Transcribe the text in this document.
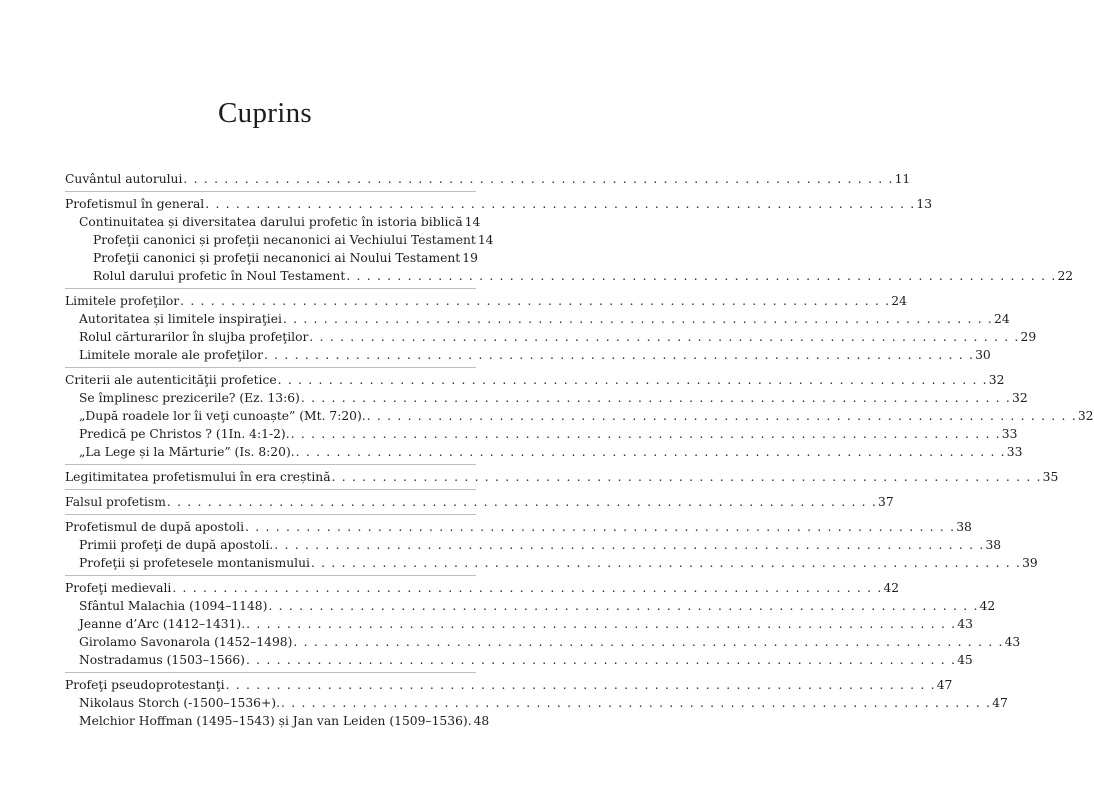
Cuprins
Cuvântul autorului . . . . . . . . . . . . . . . . . . . . . . . . . . . . . . . . . . . . . . . . . . . . . . . . . . . . . . . . . . . . . . . . . . . . . . 11
Profetismul în general . . . . . . . . . . . . . . . . . . . . . . . . . . . . . . . . . . . . . . . . . . . . . . . . . . . . . . . . . . . . . . . . . . . . . . 13
Continuitatea și diversitatea darului profetic în istoria biblică 14
Profeţii canonici și profeţii necanonici ai Vechiului Testament 14
Profeţii canonici și profeţii necanonici ai Noului Testament 19
Rolul darului profetic în Noul Testament . . . . . . . . . . . . . . . . . . . . . . . . . . . . . . . . . . . . . . . . . . . . . . . . . . . . . . . . . . . . . . . . . . . . . . 22
Limitele profeţilor . . . . . . . . . . . . . . . . . . . . . . . . . . . . . . . . . . . . . . . . . . . . . . . . . . . . . . . . . . . . . . . . . . . . . . 24
Autoritatea și limitele inspiraţiei . . . . . . . . . . . . . . . . . . . . . . . . . . . . . . . . . . . . . . . . . . . . . . . . . . . . . . . . . . . . . . . . . . . . . . 24
Rolul cărturarilor în slujba profeţilor . . . . . . . . . . . . . . . . . . . . . . . . . . . . . . . . . . . . . . . . . . . . . . . . . . . . . . . . . . . . . . . . . . . . . . 29
Limitele morale ale profeţilor . . . . . . . . . . . . . . . . . . . . . . . . . . . . . . . . . . . . . . . . . . . . . . . . . . . . . . . . . . . . . . . . . . . . . . 30
Criterii ale autenticităţii profetice . . . . . . . . . . . . . . . . . . . . . . . . . . . . . . . . . . . . . . . . . . . . . . . . . . . . . . . . . . . . . . . . . . . . . . 32
Se împlinesc prezicerile? (Ez. 13:6) . . . . . . . . . . . . . . . . . . . . . . . . . . . . . . . . . . . . . . . . . . . . . . . . . . . . . . . . . . . . . . . . . . . . . . 32
„După roadele lor îi veţi cunoaște” (Mt. 7:20). . . . . . . . . . . . . . . . . . . . . . . . . . . . . . . . . . . . . . . . . . . . . . . . . . . . . . . . . . . . . . . . . . . . . . . 32
Predică pe Christos ? (1In. 4:1-2). . . . . . . . . . . . . . . . . . . . . . . . . . . . . . . . . . . . . . . . . . . . . . . . . . . . . . . . . . . . . . . . . . . . . . . 33
„La Lege și la Mărturie” (Is. 8:20). . . . . . . . . . . . . . . . . . . . . . . . . . . . . . . . . . . . . . . . . . . . . . . . . . . . . . . . . . . . . . . . . . . . . . . 33
Legitimitatea profetismului în era creștină . . . . . . . . . . . . . . . . . . . . . . . . . . . . . . . . . . . . . . . . . . . . . . . . . . . . . . . . . . . . . . . . . . . . . . 35
Falsul profetism . . . . . . . . . . . . . . . . . . . . . . . . . . . . . . . . . . . . . . . . . . . . . . . . . . . . . . . . . . . . . . . . . . . . . . 37
Profetismul de după apostoli . . . . . . . . . . . . . . . . . . . . . . . . . . . . . . . . . . . . . . . . . . . . . . . . . . . . . . . . . . . . . . . . . . . . . . 38
Primii profeţi de după apostoli. . . . . . . . . . . . . . . . . . . . . . . . . . . . . . . . . . . . . . . . . . . . . . . . . . . . . . . . . . . . . . . . . . . . . . . 38
Profeţii și profetesele montanismului . . . . . . . . . . . . . . . . . . . . . . . . . . . . . . . . . . . . . . . . . . . . . . . . . . . . . . . . . . . . . . . . . . . . . . 39
Profeţi medievali . . . . . . . . . . . . . . . . . . . . . . . . . . . . . . . . . . . . . . . . . . . . . . . . . . . . . . . . . . . . . . . . . . . . . . 42
Sfântul Malachia (1094–1148) . . . . . . . . . . . . . . . . . . . . . . . . . . . . . . . . . . . . . . . . . . . . . . . . . . . . . . . . . . . . . . . . . . . . . . 42
Jeanne d’Arc (1412–1431). . . . . . . . . . . . . . . . . . . . . . . . . . . . . . . . . . . . . . . . . . . . . . . . . . . . . . . . . . . . . . . . . . . . . . . 43
Girolamo Savonarola (1452–1498) . . . . . . . . . . . . . . . . . . . . . . . . . . . . . . . . . . . . . . . . . . . . . . . . . . . . . . . . . . . . . . . . . . . . . . 43
Nostradamus (1503–1566) . . . . . . . . . . . . . . . . . . . . . . . . . . . . . . . . . . . . . . . . . . . . . . . . . . . . . . . . . . . . . . . . . . . . . . 45
Profeţi pseudoprotestanţi . . . . . . . . . . . . . . . . . . . . . . . . . . . . . . . . . . . . . . . . . . . . . . . . . . . . . . . . . . . . . . . . . . . . . . 47
Nikolaus Storch (-1500–1536+). . . . . . . . . . . . . . . . . . . . . . . . . . . . . . . . . . . . . . . . . . . . . . . . . . . . . . . . . . . . . . . . . . . . . . . 47
Melchior Hoffman (1495–1543) și Jan van Leiden (1509–1536). 48
